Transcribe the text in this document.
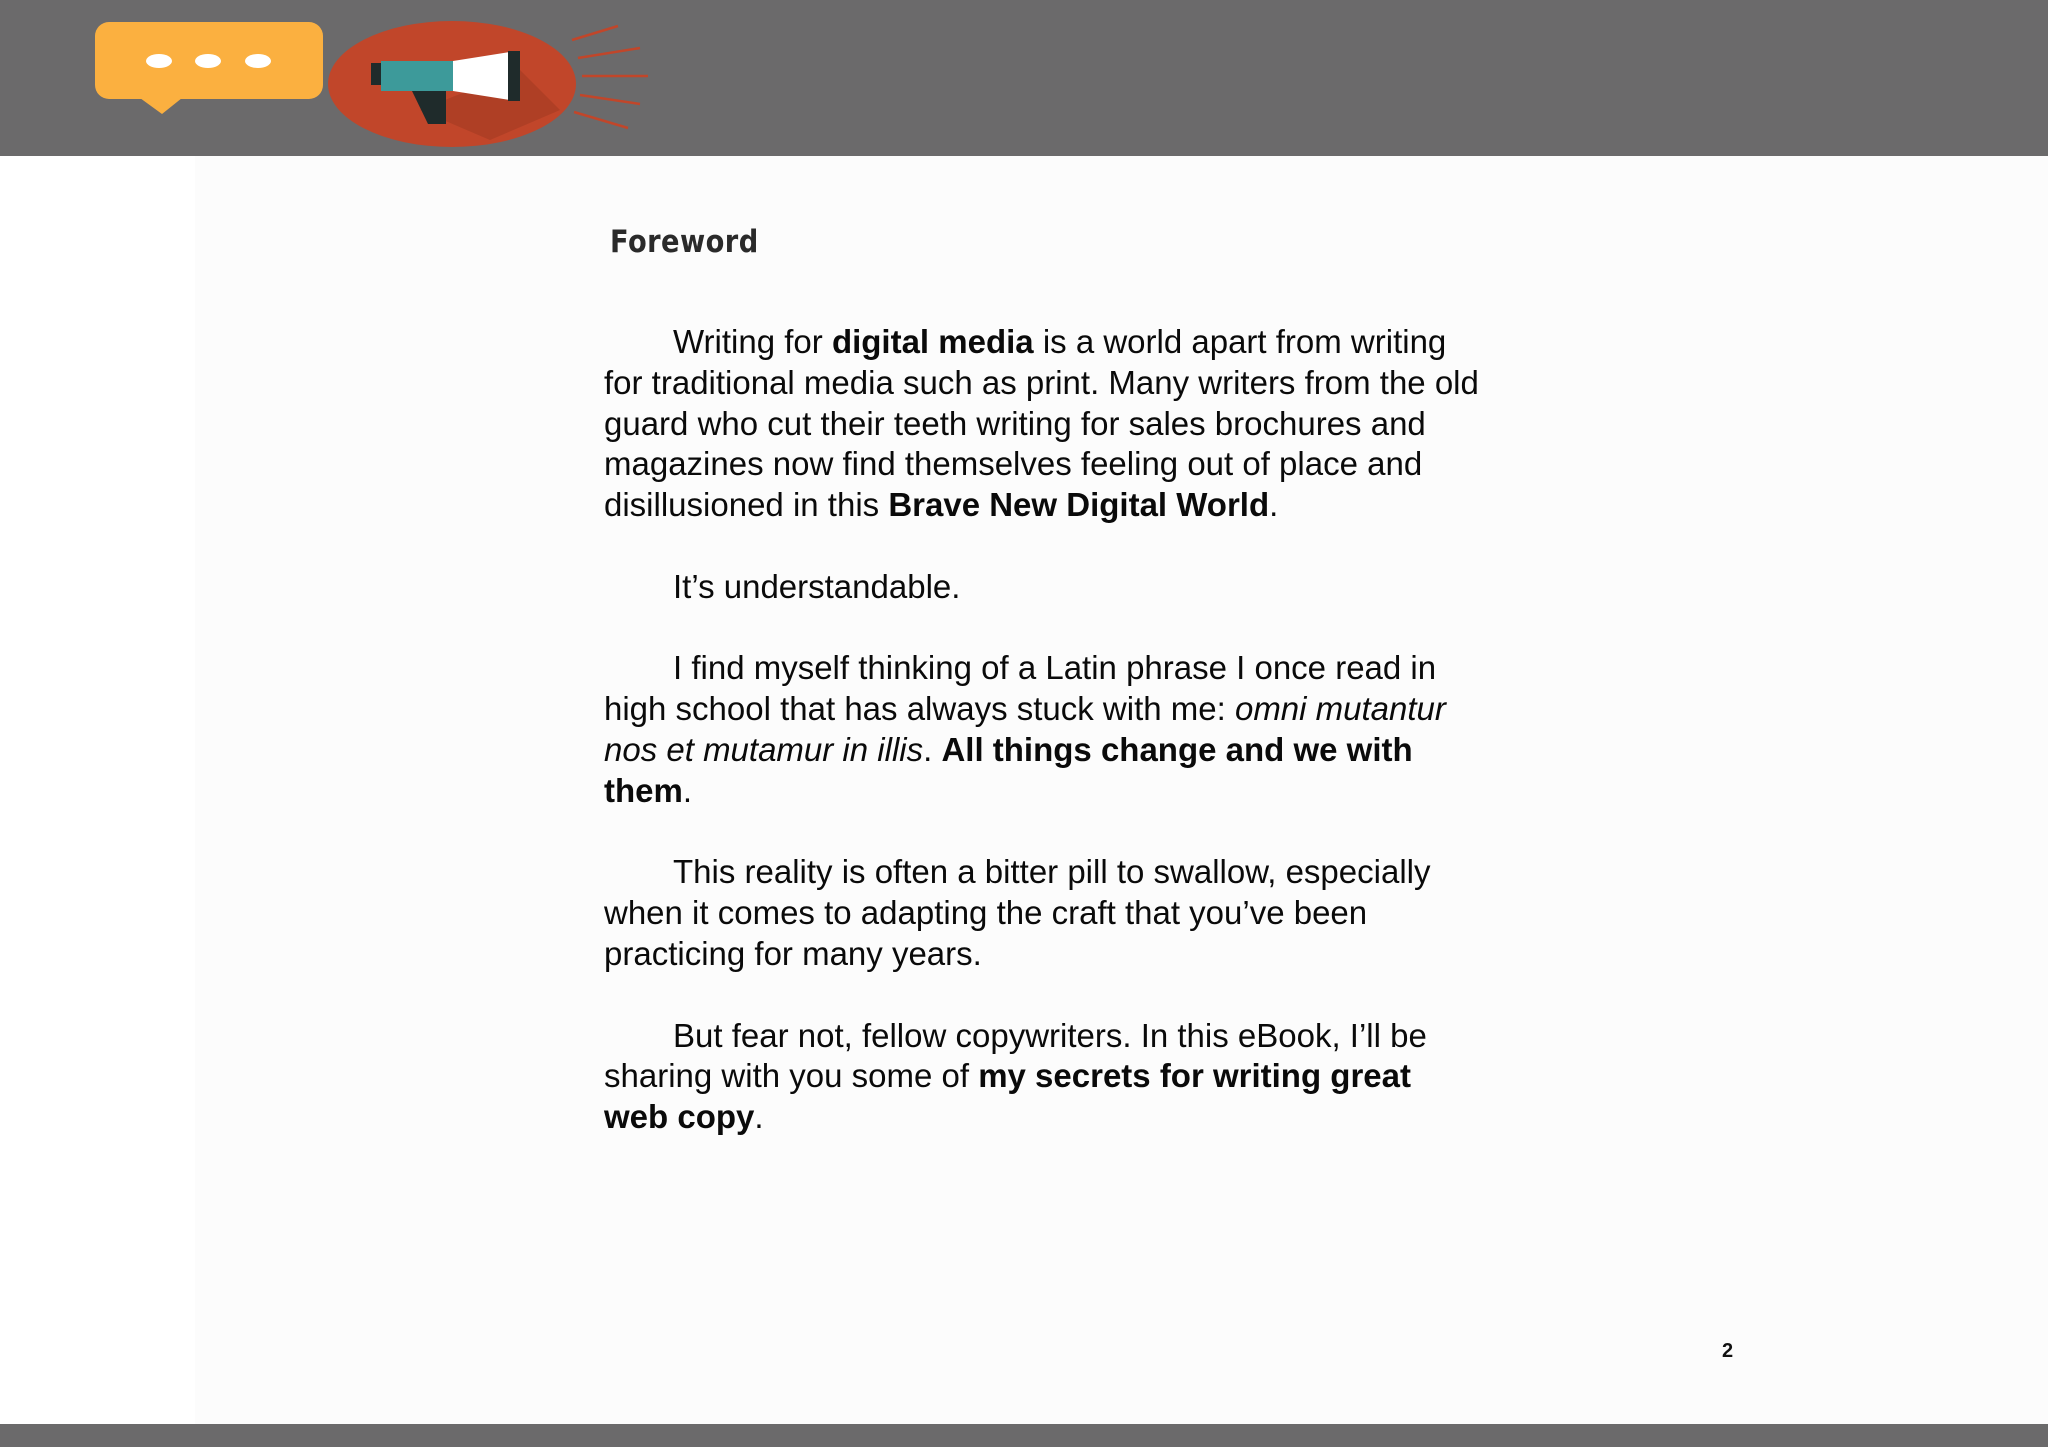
Foreword

Writing for digital media is a world apart from writing for traditional media such as print. Many writers from the old guard who cut their teeth writing for sales brochures and magazines now find themselves feeling out of place and disillusioned in this Brave New Digital World.

It’s understandable.

I find myself thinking of a Latin phrase I once read in high school that has always stuck with me: omni mutantur nos et mutamur in illis. All things change and we with them.

This reality is often a bitter pill to swallow, especially when it comes to adapting the craft that you’ve been practicing for many years.

But fear not, fellow copywriters. In this eBook, I’ll be sharing with you some of my secrets for writing great web copy.

2
